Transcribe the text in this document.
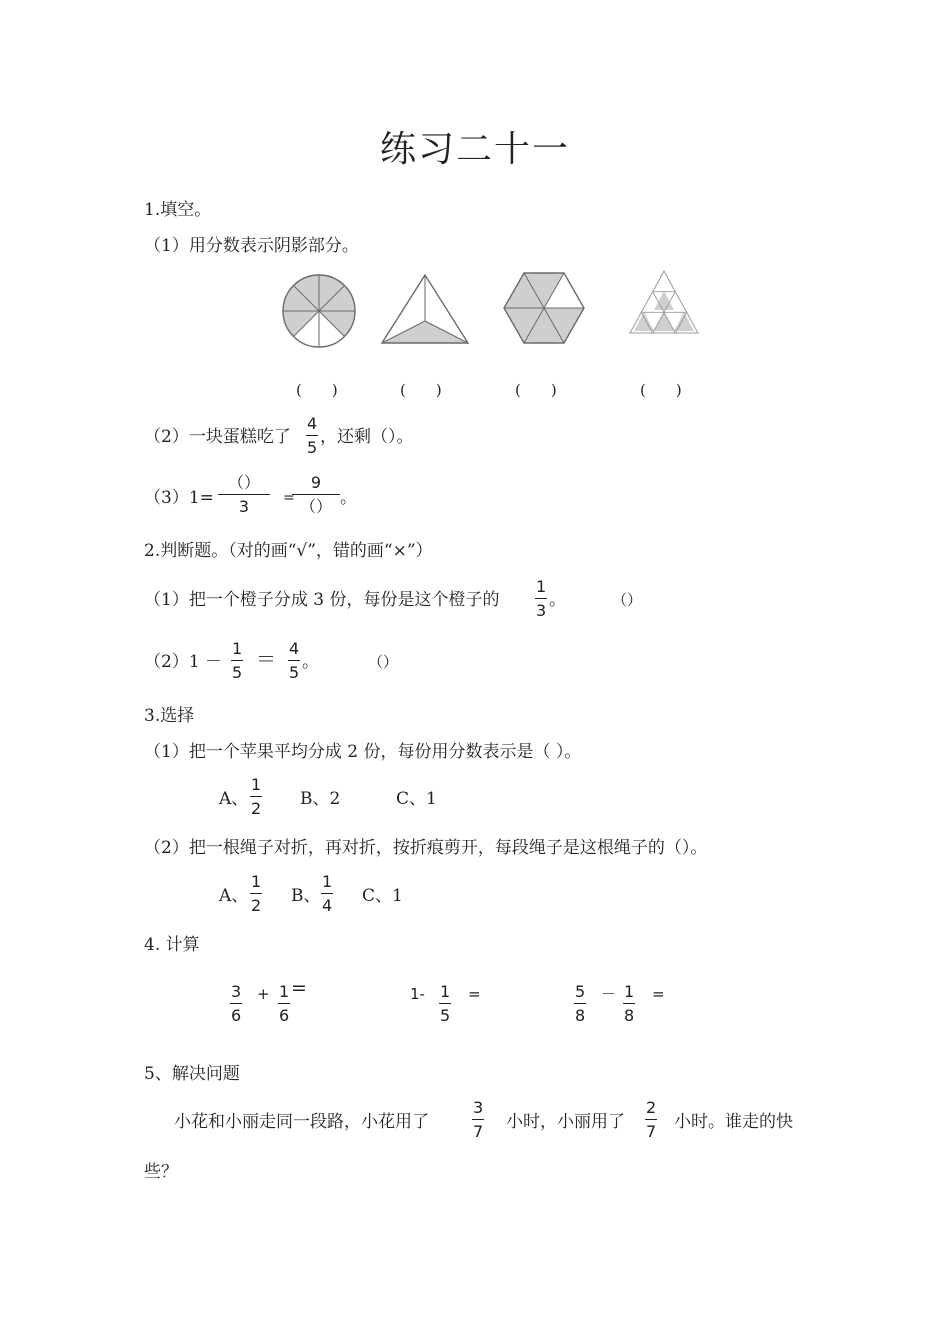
练习二十一
1.填空。
（1）用分数表示阴影部分。
(　　)	(　　)	(　　)	(　　)
（2）一块蛋糕吃了
4
5
，还剩（）。
（3）1=
（）
3 =
9
（） 。
2.判断题。（对的画“√”，错的画“×”）
（1）把一个橙子分成 3 份，每份是这个橙子的
1
3
。	（）
（2）1 －
1
5
＝ 4
5
。	（）
3.选择
（1）把一个苹果平均分成 2 份，每份用分数表示是（ ）。
A、
1
2 B、2	C、1
（2）把一根绳子对折，再对折，按折痕剪开，每段绳子是这根绳子的（）。
A、
1
2 B、
1
4 C、1
4. 计算
3
6
+ 1
6
=	1- 1
5
=	5
8
－ 1
8
=
5、解决问题
小花和小丽走同一段路，小花用了
3
7 小时，小丽用了
2
7 小时。谁走的快
些？
